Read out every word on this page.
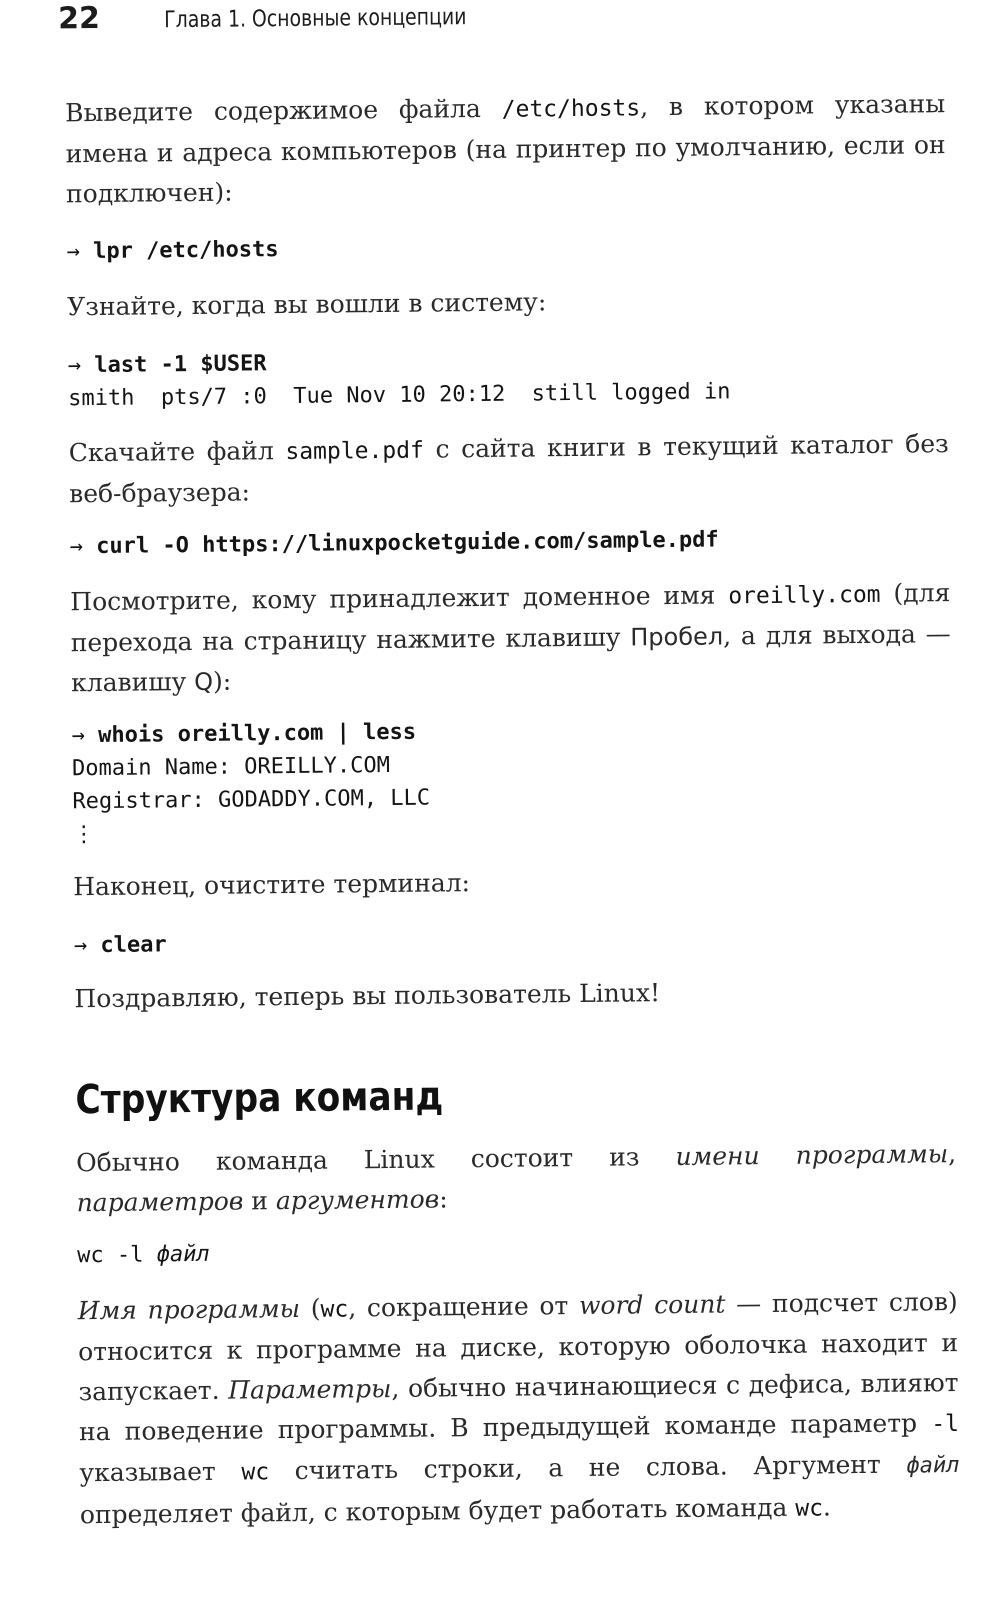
22	Глава 1. Основные концепции

Выведите содержимое файла /etc/hosts, в котором указаны имена и адреса компьютеров (на принтер по умолчанию, если он подключен):

→ lpr /etc/hosts

Узнайте, когда вы вошли в систему:

→ last -1 $USER
smith  pts/7 :0  Tue Nov 10 20:12  still logged in

Скачайте файл sample.pdf с сайта книги в текущий каталог без веб-браузера:

→ curl -O https://linuxpocketguide.com/sample.pdf

Посмотрите, кому принадлежит доменное имя oreilly.com (для перехода на страницу нажмите клавишу Пробел, а для выхода — клавишу Q):

→ whois oreilly.com | less
Domain Name: OREILLY.COM
Registrar: GODADDY.COM, LLC
⋮

Наконец, очистите терминал:

→ clear

Поздравляю, теперь вы пользователь Linux!

Структура команд

Обычно команда Linux состоит из имени программы, параметров и аргументов:

wc -l файл

Имя программы (wc, сокращение от word count — подсчет слов) относится к программе на диске, которую оболочка находит и запускает. Параметры, обычно начинающиеся с дефиса, влияют на поведение программы. В предыдущей команде параметр -l указывает wc считать строки, а не слова. Аргумент файл определяет файл, с которым будет работать команда wc.
